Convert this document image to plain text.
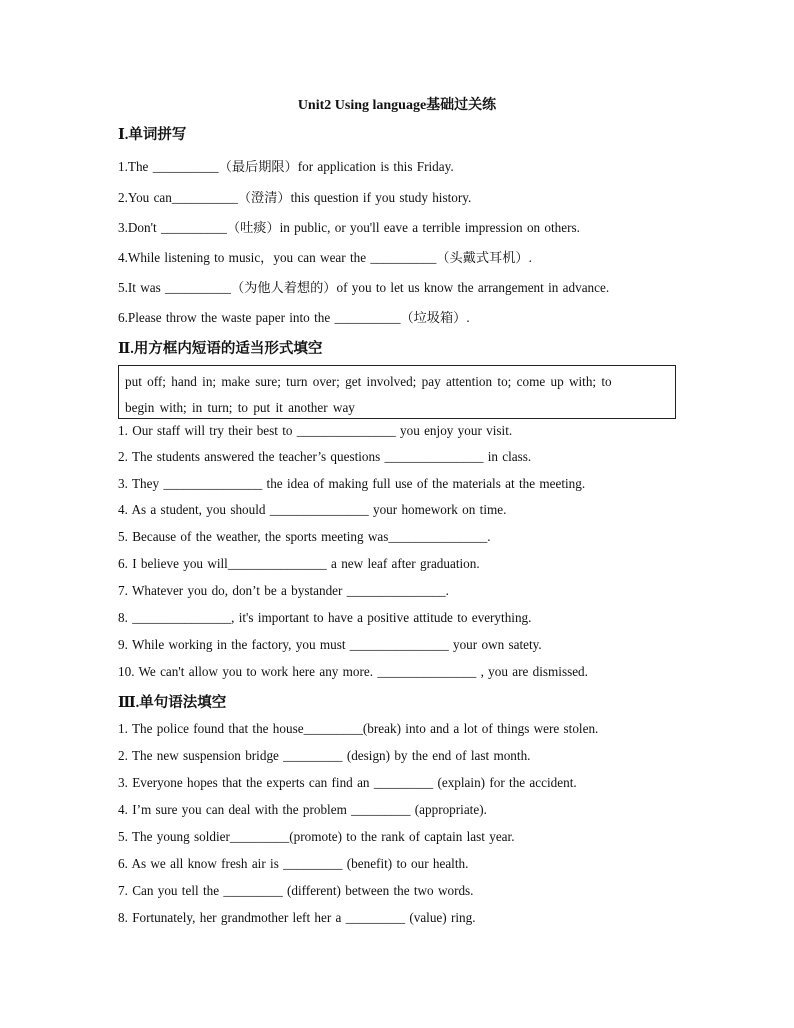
Unit2 Using language基础过关练
Ⅰ.单词拼写
1.The __________（最后期限）for application is this Friday.
2.You can__________（澄清）this question if you study history.
3.Don't __________（吐痰）in public, or you'll eave a terrible impression on others.
4.While listening to music，you can wear the __________（头戴式耳机）.
5.It was __________（为他人着想的）of you to let us know the arrangement in advance.
6.Please throw the waste paper into the __________（垃圾箱）.
Ⅱ.用方框内短语的适当形式填空
put off; hand in; make sure; turn over; get involved; pay attention to; come up with; to
begin with; in turn; to put it another way
1. Our staff will try their best to _______________ you enjoy your visit.
2. The students answered the teacher’s questions _______________ in class.
3. They _______________ the idea of making full use of the materials at the meeting.
4. As a student, you should _______________ your homework on time.
5. Because of the weather, the sports meeting was_______________.
6. I believe you will_______________ a new leaf after graduation.
7. Whatever you do, don’t be a bystander _______________.
8. _______________, it's important to have a positive attitude to everything.
9. While working in the factory, you must _______________ your own satety.
10. We can't allow you to work here any more. _______________ , you are dismissed.
Ⅲ.单句语法填空
1. The police found that the house_________(break) into and a lot of things were stolen.
2. The new suspension bridge _________ (design) by the end of last month.
3. Everyone hopes that the experts can find an _________ (explain) for the accident.
4. I’m sure you can deal with the problem _________ (appropriate).
5. The young soldier_________(promote) to the rank of captain last year.
6. As we all know fresh air is _________ (benefit) to our health.
7. Can you tell the _________ (different) between the two words.
8. Fortunately, her grandmother left her a _________ (value) ring.
